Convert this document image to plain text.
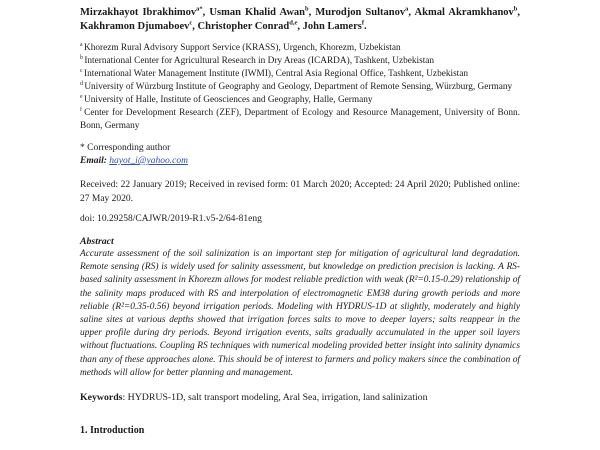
Mirzakhayot Ibrakhimov$^{a*}$, Usman Khalid Awan$^b$, Murodjon Sultanov$^a$, Akmal Akramkhanov$^b$, Kakhramon Djumaboev$^c$, Christopher Conrad$^{d,e}$, John Lamers$^f$.

$^a$ Khorezm Rural Advisory Support Service (KRASS), Urgench, Khorezm, Uzbekistan

$^b$ International Center for Agricultural Research in Dry Areas (ICARDA), Tashkent, Uzbekistan

$^c$ International Water Management Institute (IWMI), Central Asia Regional Office, Tashkent, Uzbekistan

$^d$ University of Würzburg Institute of Geography and Geology, Department of Remote Sensing, Würzburg, Germany

$^e$ University of Halle, Institute of Geosciences and Geography, Halle, Germany

$^f$ Center for Development Research (ZEF), Department of Ecology and Resource Management, University of Bonn. Bonn, Germany

* Corresponding author
Email: hayot_i@yahoo.com

Received: 22 January 2019; Received in revised form: 01 March 2020; Accepted: 24 April 2020; Published online: 27 May 2020.

doi: 10.29258/CAJWR/2019-R1.v5-2/64-81eng

Abstract

Accurate assessment of the soil salinization is an important step for mitigation of agricultural land degradation. Remote sensing (RS) is widely used for salinity assessment, but knowledge on prediction precision is lacking. A RS-based salinity assessment in Khorezm allows for modest reliable prediction with weak (R²=0.15-0.29) relationship of the salinity maps produced with RS and interpolation of electromagnetic EM38 during growth periods and more reliable (R²=0.35-0.56) beyond irrigation periods. Modeling with HYDRUS-1D at slightly, moderately and highly saline sites at various depths showed that irrigation forces salts to move to deeper layers; salts reappear in the upper profile during dry periods. Beyond irrigation events, salts gradually accumulated in the upper soil layers without fluctuations. Coupling RS techniques with numerical modeling provided better insight into salinity dynamics than any of these approaches alone. This should be of interest to farmers and policy makers since the combination of methods will allow for better planning and management.

Keywords: HYDRUS-1D, salt transport modeling, Aral Sea, irrigation, land salinization

1. Introduction
